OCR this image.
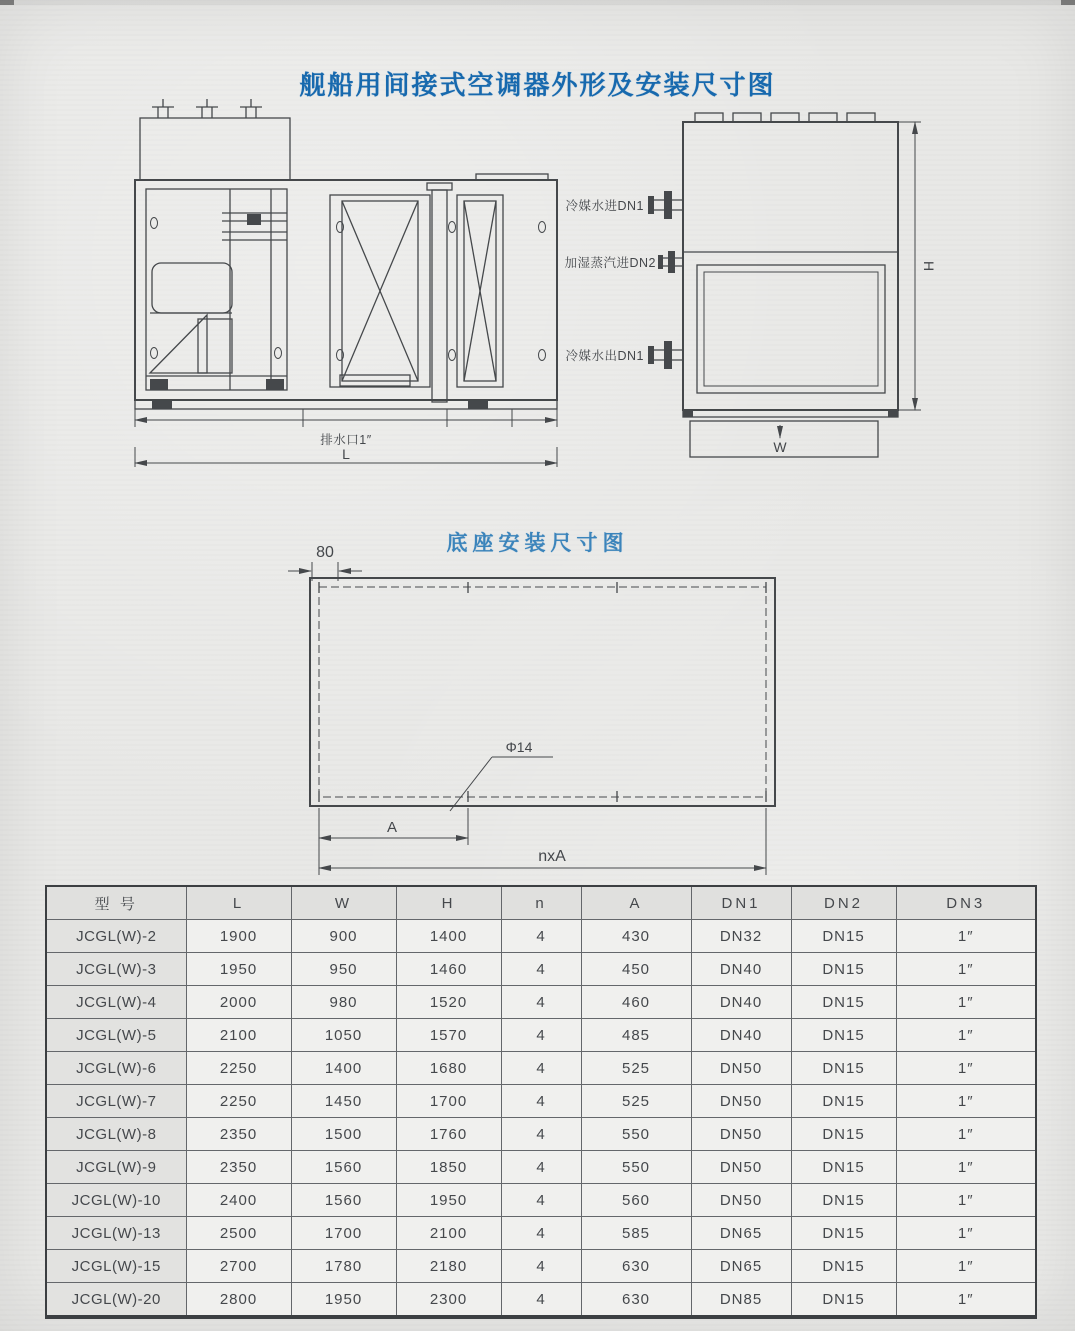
舰船用间接式空调器外形及安装尺寸图
排水口1″
L
冷媒水进DN1
加湿蒸汽进DN2
冷媒水出DN1
H
W
底座安装尺寸图
80
Φ14
A
nxA
型 号	L	W	H	n	A	DN1	DN2	DN3
JCGL(W)-2	1900	900	1400	4	430	DN32	DN15	1″
JCGL(W)-3	1950	950	1460	4	450	DN40	DN15	1″
JCGL(W)-4	2000	980	1520	4	460	DN40	DN15	1″
JCGL(W)-5	2100	1050	1570	4	485	DN40	DN15	1″
JCGL(W)-6	2250	1400	1680	4	525	DN50	DN15	1″
JCGL(W)-7	2250	1450	1700	4	525	DN50	DN15	1″
JCGL(W)-8	2350	1500	1760	4	550	DN50	DN15	1″
JCGL(W)-9	2350	1560	1850	4	550	DN50	DN15	1″
JCGL(W)-10	2400	1560	1950	4	560	DN50	DN15	1″
JCGL(W)-13	2500	1700	2100	4	585	DN65	DN15	1″
JCGL(W)-15	2700	1780	2180	4	630	DN65	DN15	1″
JCGL(W)-20	2800	1950	2300	4	630	DN85	DN15	1″
